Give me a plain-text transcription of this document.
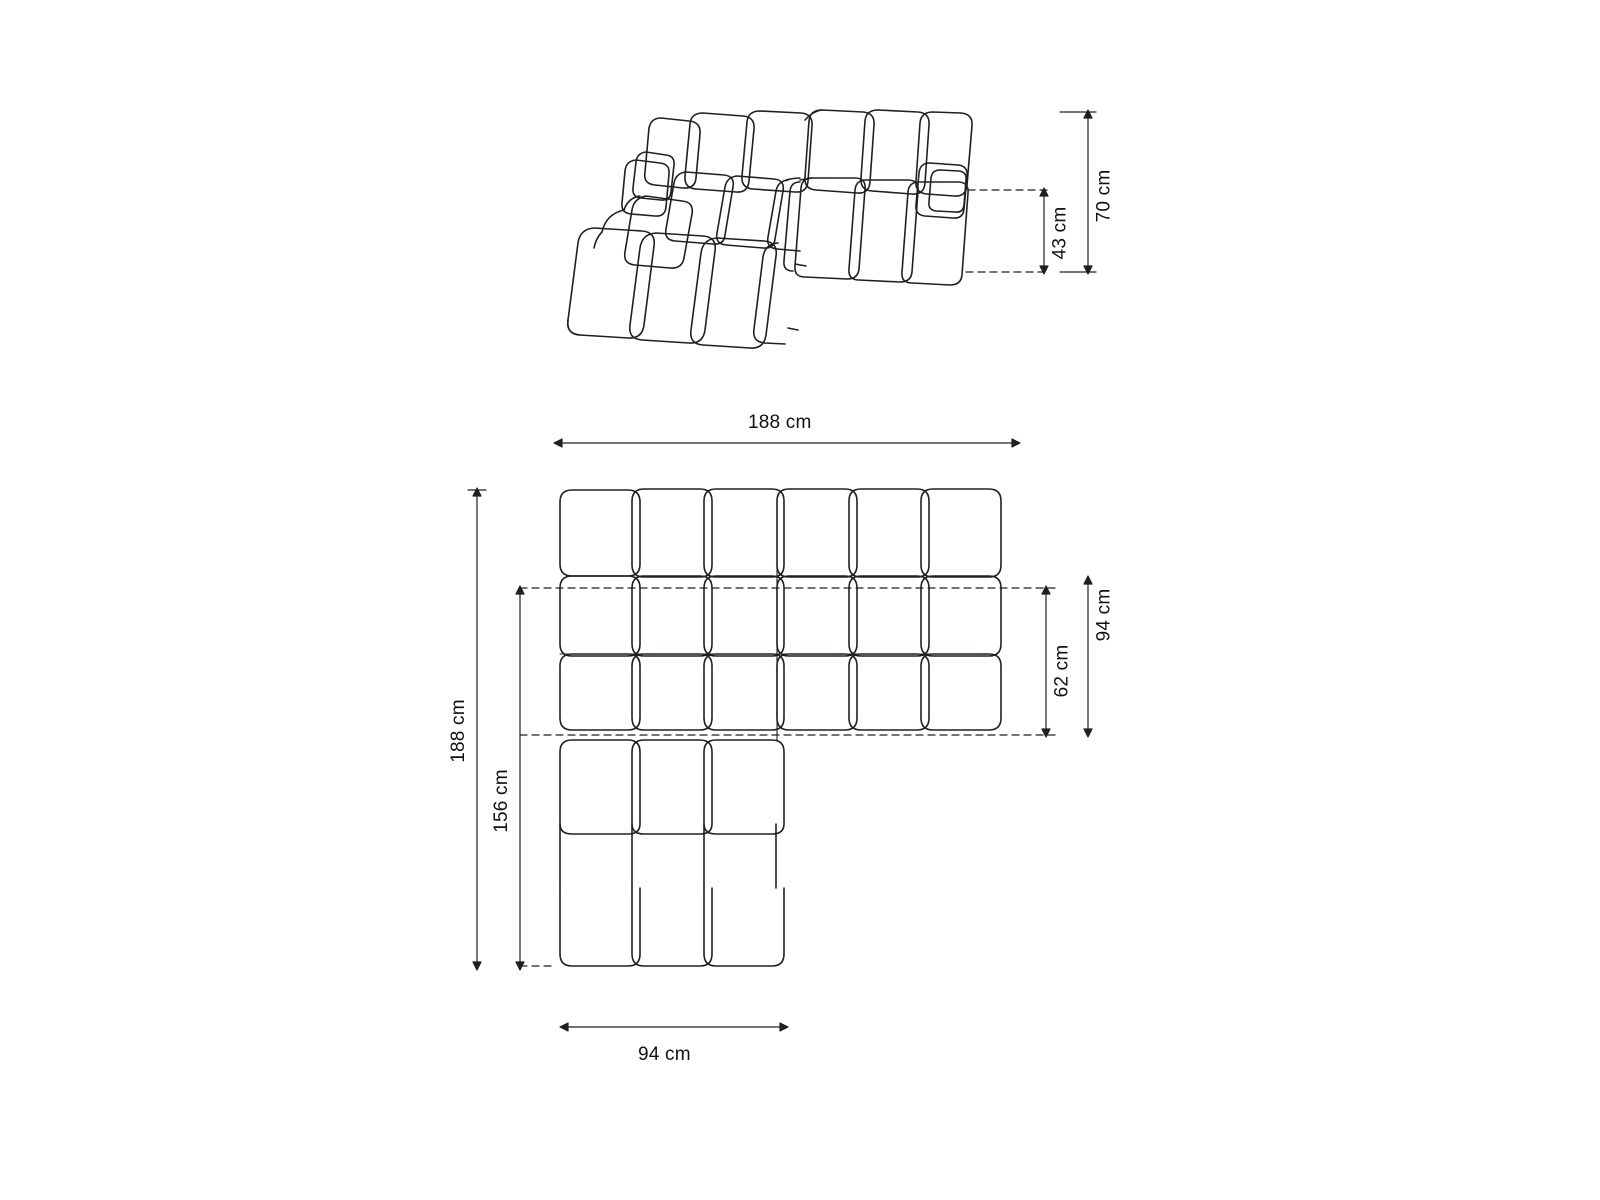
70 cm
43 cm
188 cm
188 cm
156 cm
94 cm
62 cm
94 cm
